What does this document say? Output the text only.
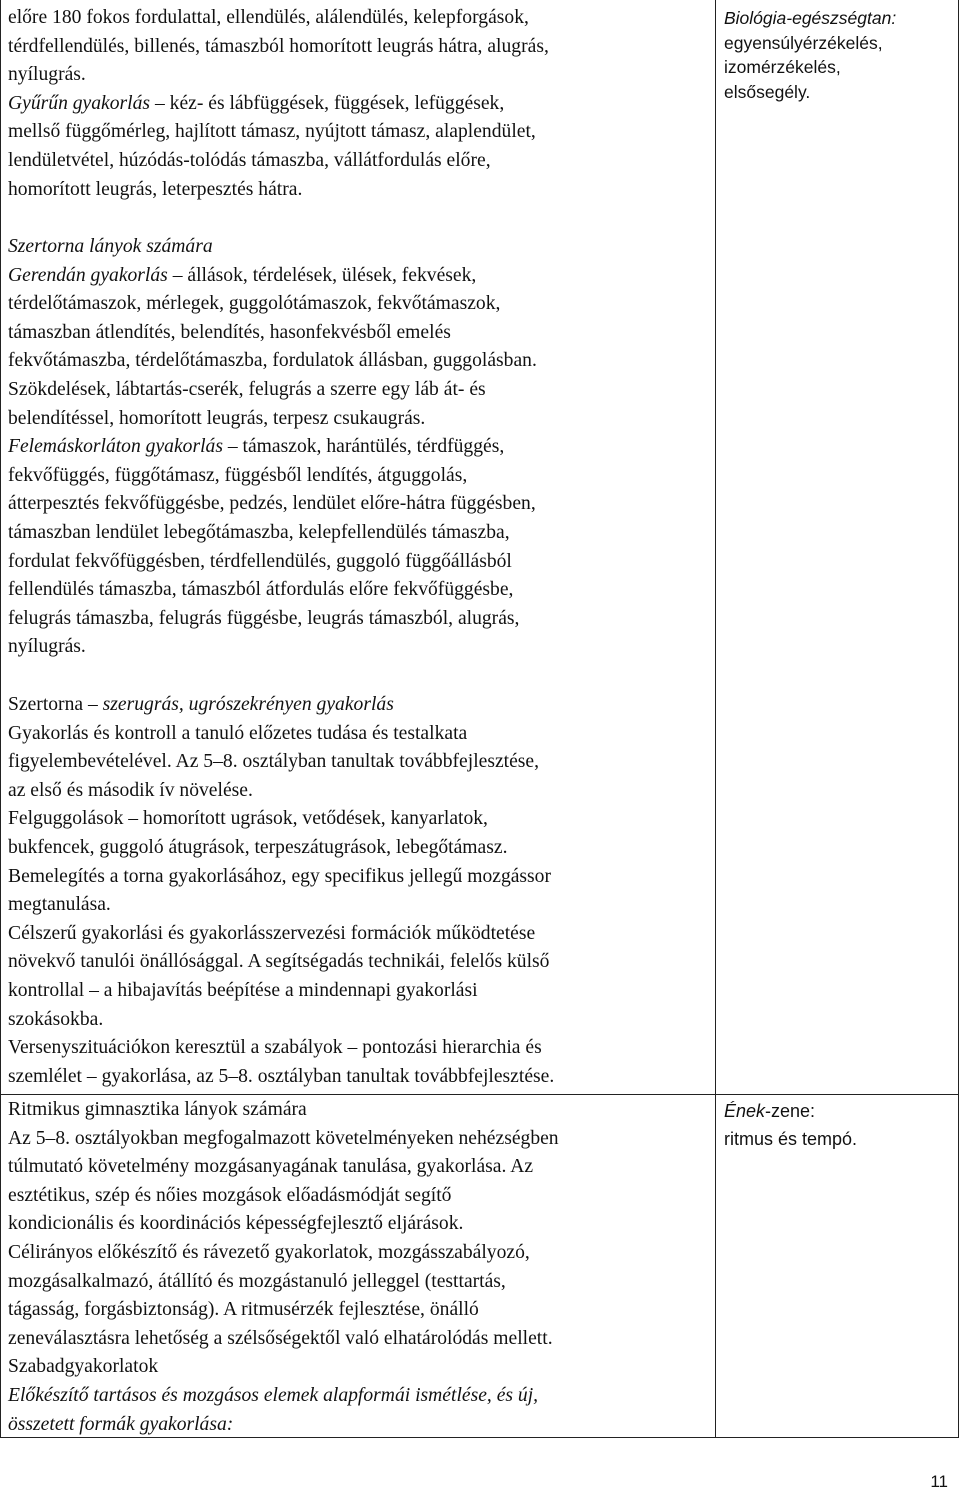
előre 180 fokos fordulattal, ellendülés, alálendülés, kelepforgások,

térdfellendülés, billenés, támaszból homorított leugrás hátra, alugrás,

nyílugrás.

Gyűrűn gyakorlás – kéz- és lábfüggések, függések, lefüggések,

mellső függőmérleg, hajlított támasz, nyújtott támasz, alaplendület,

lendületvétel, húzódás-tolódás támaszba, vállátfordulás előre,

homorított leugrás, leterpesztés hátra.

Biológia-egészségtan:

egyensúlyérzékelés,

izomérzékelés,

elsősegély.

Szertorna lányok számára

Gerendán gyakorlás – állások, térdelések, ülések, fekvések,

térdelőtámaszok, mérlegek, guggolótámaszok, fekvőtámaszok,

támaszban átlendítés, belendítés, hasonfekvésből emelés

fekvőtámaszba, térdelőtámaszba, fordulatok állásban, guggolásban.

Szökdelések, lábtartás-cserék, felugrás a szerre egy láb át- és

belendítéssel, homorított leugrás, terpesz csukaugrás.

Felemáskorláton gyakorlás – támaszok, harántülés, térdfüggés,

fekvőfüggés, függőtámasz, függésből lendítés, átguggolás,

átterpesztés fekvőfüggésbe, pedzés, lendület előre-hátra függésben,

támaszban lendület lebegőtámaszba, kelepfellendülés támaszba,

fordulat fekvőfüggésben, térdfellendülés, guggoló függőállásból

fellendülés támaszba, támaszból átfordulás előre fekvőfüggésbe,

felugrás támaszba, felugrás függésbe, leugrás támaszból, alugrás,

nyílugrás.

Szertorna – szerugrás, ugrószekrényen gyakorlás

Gyakorlás és kontroll a tanuló előzetes tudása és testalkata

figyelembevételével. Az 5–8. osztályban tanultak továbbfejlesztése,

az első és második ív növelése.

Felguggolások – homorított ugrások, vetődések, kanyarlatok,

bukfencek, guggoló átugrások, terpeszátugrások, lebegőtámasz.

Bemelegítés a torna gyakorlásához, egy specifikus jellegű mozgássor

megtanulása.

Célszerű gyakorlási és gyakorlásszervezési formációk működtetése

növekvő tanulói önállósággal. A segítségadás technikái, felelős külső

kontrollal – a hibajavítás beépítése a mindennapi gyakorlási

szokásokba.

Versenyszituációkon keresztül a szabályok – pontozási hierarchia és

szemlélet – gyakorlása, az 5–8. osztályban tanultak továbbfejlesztése.

Ritmikus gimnasztika lányok számára

Az 5–8. osztályokban megfogalmazott követelményeken nehézségben

túlmutató követelmény mozgásanyagának tanulása, gyakorlása. Az

esztétikus, szép és nőies mozgások előadásmódját segítő

kondicionális és koordinációs képességfejlesztő eljárások.

Célirányos előkészítő és rávezető gyakorlatok, mozgásszabályozó,

mozgásalkalmazó, átállító és mozgástanuló jelleggel (testtartás,

tágasság, forgásbiztonság). A ritmusérzék fejlesztése, önálló

zeneválasztásra lehetőség a szélsőségektől való elhatárolódás mellett.

Szabadgyakorlatok

Előkészítő tartásos és mozgásos elemek alapformái ismétlése, és új,

összetett formák gyakorlása:

Ének-zene:

ritmus és tempó.

11
